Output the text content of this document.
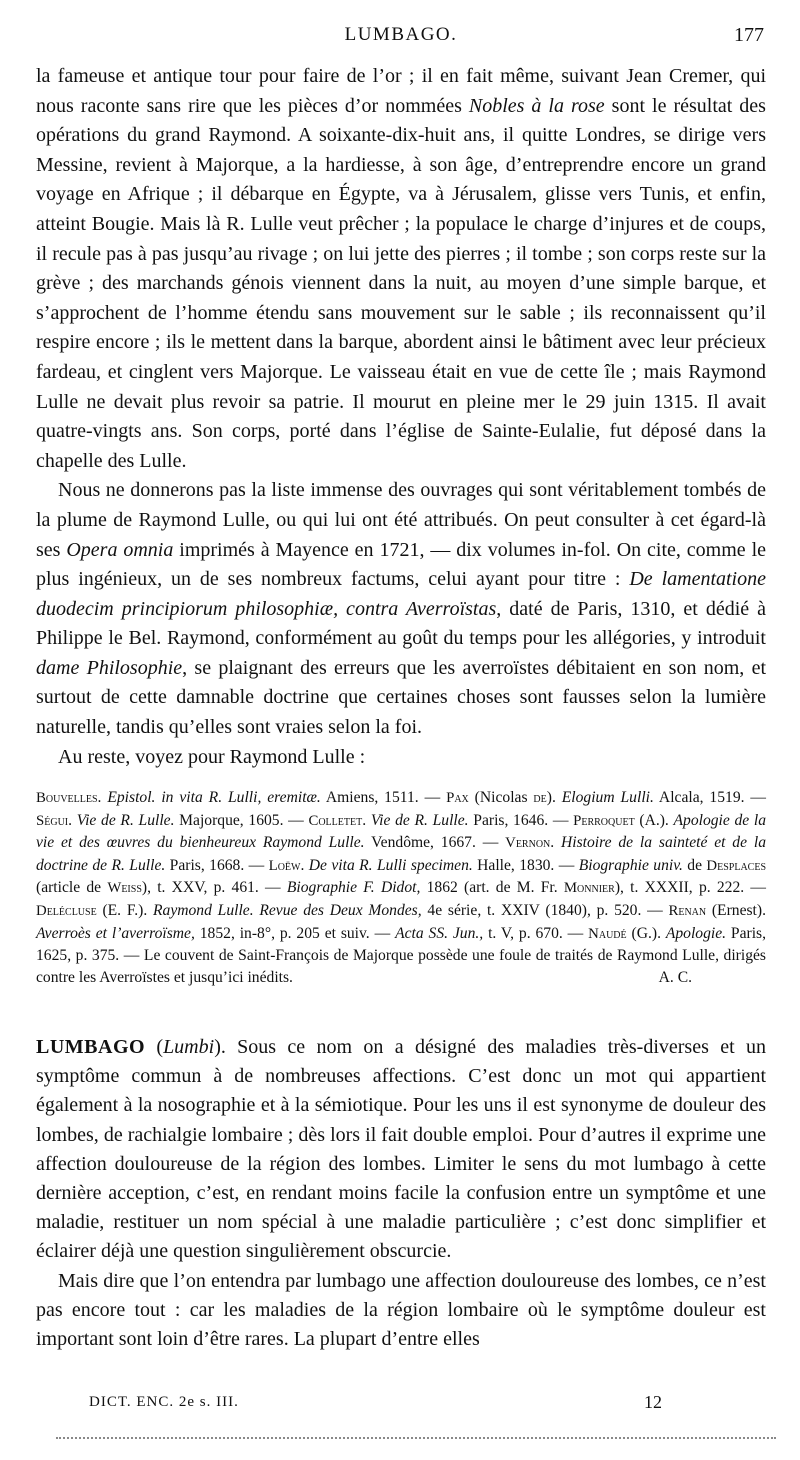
LUMBAGO.	177

la fameuse et antique tour pour faire de l’or ; il en fait même, suivant Jean Cremer, qui nous raconte sans rire que les pièces d’or nommées Nobles à la rose sont le résultat des opérations du grand Raymond. A soixante-dix-huit ans, il quitte Londres, se dirige vers Messine, revient à Majorque, a la hardiesse, à son âge, d’entreprendre encore un grand voyage en Afrique ; il débarque en Égypte, va à Jérusalem, glisse vers Tunis, et enfin, atteint Bougie. Mais là R. Lulle veut prêcher ; la populace le charge d’injures et de coups, il recule pas à pas jusqu’au rivage ; on lui jette des pierres ; il tombe ; son corps reste sur la grève ; des marchands génois viennent dans la nuit, au moyen d’une simple barque, et s’approchent de l’homme étendu sans mouvement sur le sable ; ils reconnaissent qu’il respire encore ; ils le mettent dans la barque, abordent ainsi le bâtiment avec leur précieux fardeau, et cinglent vers Majorque. Le vaisseau était en vue de cette île ; mais Raymond Lulle ne devait plus revoir sa patrie. Il mourut en pleine mer le 29 juin 1315. Il avait quatre-vingts ans. Son corps, porté dans l’église de Sainte-Eulalie, fut déposé dans la chapelle des Lulle.

Nous ne donnerons pas la liste immense des ouvrages qui sont véritablement tombés de la plume de Raymond Lulle, ou qui lui ont été attribués. On peut consulter à cet égard-là ses Opera omnia imprimés à Mayence en 1721, — dix volumes in-fol. On cite, comme le plus ingénieux, un de ses nombreux factums, celui ayant pour titre : De lamentatione duodecim principiorum philosophiæ, contra Averroïstas, daté de Paris, 1310, et dédié à Philippe le Bel. Raymond, conformément au goût du temps pour les allégories, y introduit dame Philosophie, se plaignant des erreurs que les averroïstes débitaient en son nom, et surtout de cette damnable doctrine que certaines choses sont fausses selon la lumière naturelle, tandis qu’elles sont vraies selon la foi.

Au reste, voyez pour Raymond Lulle :

Bouvelles. Epistol. in vita R. Lulli, eremitæ. Amiens, 1511. — Pax (Nicolas de). Elogium Lulli. Alcala, 1519. — Ségui. Vie de R. Lulle. Majorque, 1605. — Colletet. Vie de R. Lulle. Paris, 1646. — Perroquet (A.). Apologie de la vie et des œuvres du bienheureux Raymond Lulle. Vendôme, 1667. — Vernon. Histoire de la sainteté et de la doctrine de R. Lulle. Paris, 1668. — Loëw. De vita R. Lulli specimen. Halle, 1830. — Biographie univ. de Desplaces (article de Weiss), t. XXV, p. 461. — Biographie F. Didot, 1862 (art. de M. Fr. Monnier), t. XXXII, p. 222. — Delécluse (E. F.). Raymond Lulle. Revue des Deux Mondes, 4e série, t. XXIV (1840), p. 520. — Renan (Ernest). Averroès et l’averroïsme, 1852, in-8°, p. 205 et suiv. — Acta SS. Jun., t. V, p. 670. — Naudé (G.). Apologie. Paris, 1625, p. 375. — Le couvent de Saint-François de Majorque possède une foule de traités de Raymond Lulle, dirigés contre les Averroïstes et jusqu’ici inédits.	A. C.

LUMBAGO (Lumbi). Sous ce nom on a désigné des maladies très-diverses et un symptôme commun à de nombreuses affections. C’est donc un mot qui appartient également à la nosographie et à la sémiotique. Pour les uns il est synonyme de douleur des lombes, de rachialgie lombaire ; dès lors il fait double emploi. Pour d’autres il exprime une affection douloureuse de la région des lombes. Limiter le sens du mot lumbago à cette dernière acception, c’est, en rendant moins facile la confusion entre un symptôme et une maladie, restituer un nom spécial à une maladie particulière ; c’est donc simplifier et éclairer déjà une question singulièrement obscurcie.

Mais dire que l’on entendra par lumbago une affection douloureuse des lombes, ce n’est pas encore tout : car les maladies de la région lombaire où le symptôme douleur est important sont loin d’être rares. La plupart d’entre elles

DICT. ENC. 2e s. III.	12
